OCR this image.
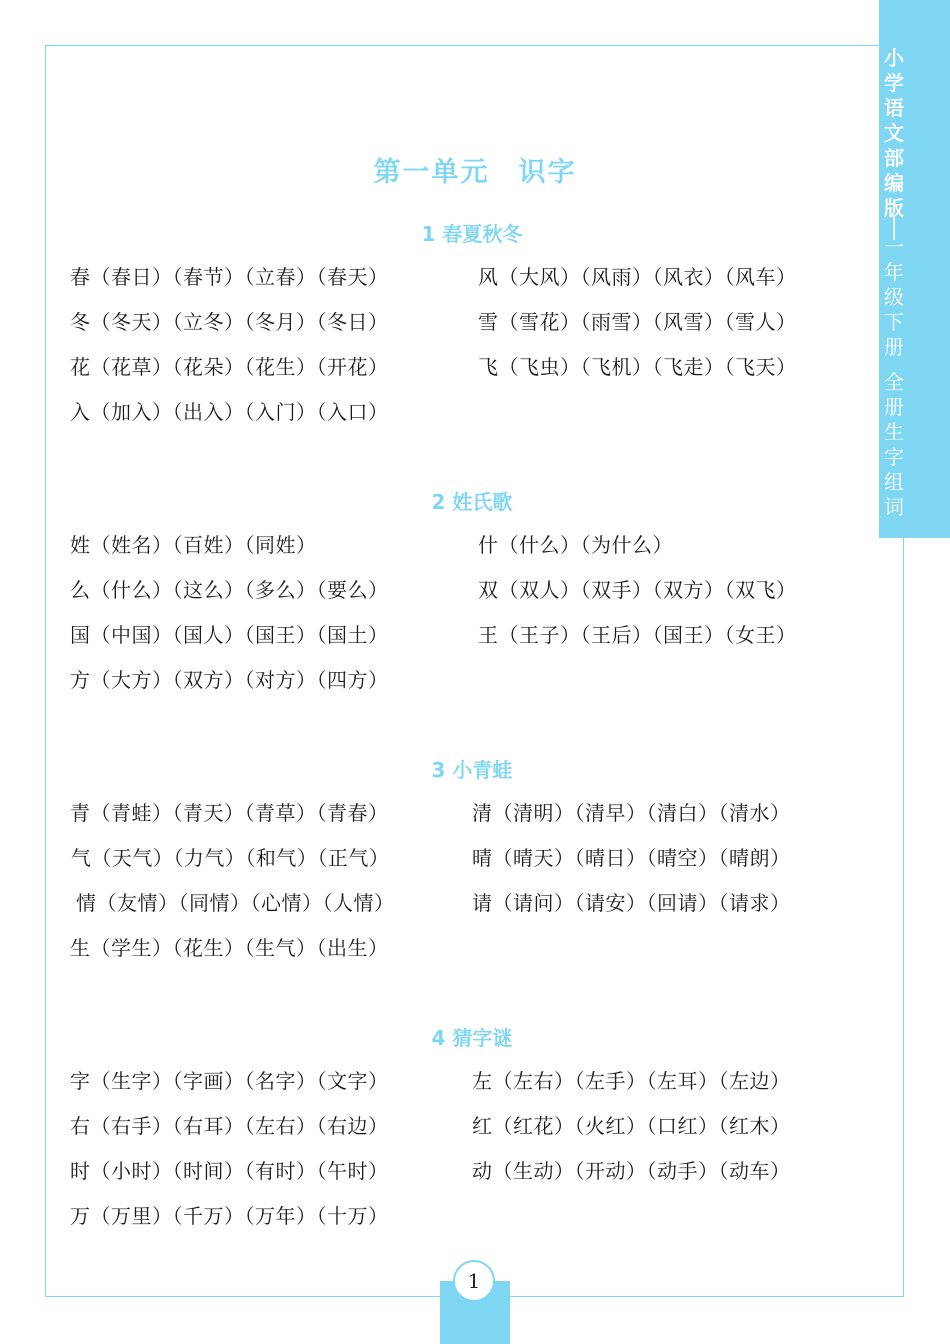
小
学
语
文
部
编
版
│
一
年
级
下
册
全
册
生
字
组
词
第一单元　识字
1 春夏秋冬
春（春日）（春节）（立春）（春天）
冬（冬天）（立冬）（冬月）（冬日）
花（花草）（花朵）（花生）（开花）
入（加入）（出入）（入门）（入口）
风（大风）（风雨）（风衣）（风车）
雪（雪花）（雨雪）（风雪）（雪人）
飞（飞虫）（飞机）（飞走）（飞天）
2 姓氏歌
姓（姓名）（百姓）（同姓）
么（什么）（这么）（多么）（要么）
国（中国）（国人）（国王）（国土）
方（大方）（双方）（对方）（四方）
什（什么）（为什么）
双（双人）（双手）（双方）（双飞）
王（王子）（王后）（国王）（女王）
3 小青蛙
青（青蛙）（青天）（青草）（青春）
气（天气）（力气）（和气）（正气）
情（友情）（同情）（心情）（人情）
生（学生）（花生）（生气）（出生）
清（清明）（清早）（清白）（清水）
晴（晴天）（晴日）（晴空）（晴朗）
请（请问）（请安）（回请）（请求）
4 猜字谜
字（生字）（字画）（名字）（文字）
右（右手）（右耳）（左右）（右边）
时（小时）（时间）（有时）（午时）
万（万里）（千万）（万年）（十万）
左（左右）（左手）（左耳）（左边）
红（红花）（火红）（口红）（红木）
动（生动）（开动）（动手）（动车）
1
